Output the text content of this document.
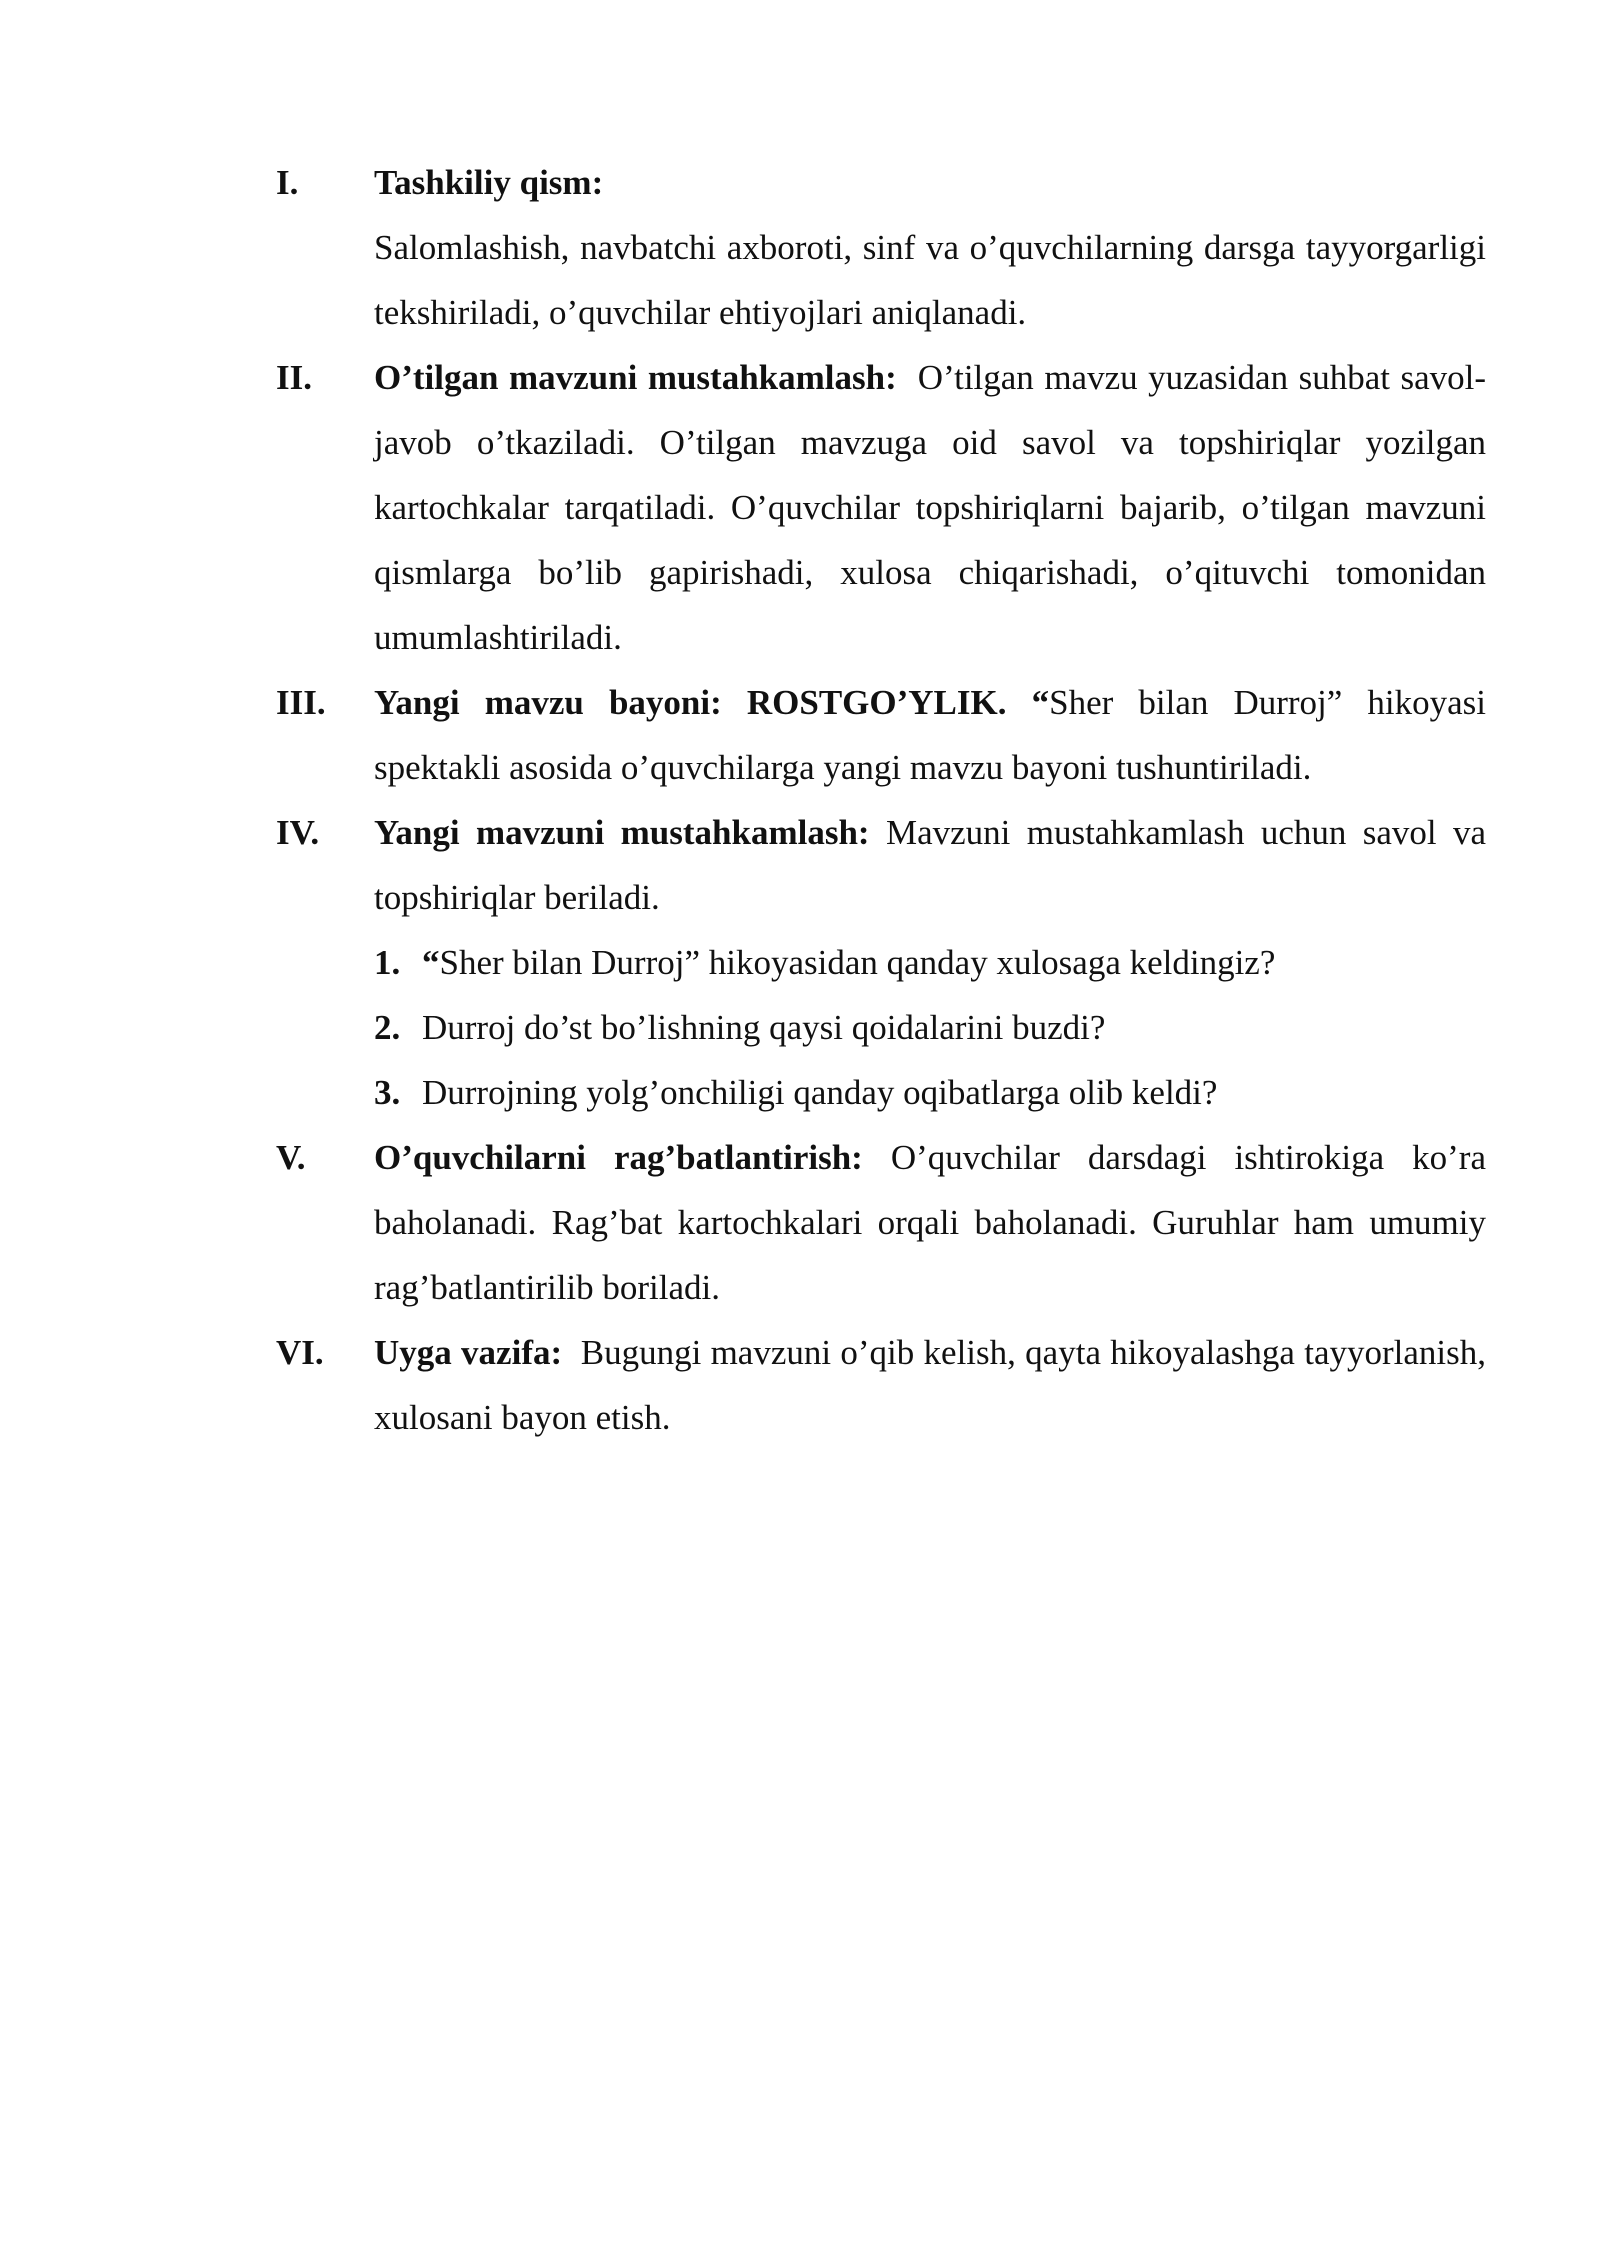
I. Tashkiliy qism:

Salomlashish, navbatchi axboroti, sinf va o’quvchilarning darsga tayyorgarligi tekshiriladi, o’quvchilar ehtiyojlari aniqlanadi.

II. O’tilgan mavzuni mustahkamlash: O’tilgan mavzu yuzasidan suhbat savol- javob o’tkaziladi. O’tilgan mavzuga oid savol va topshiriqlar yozilgan kartochkalar tarqatiladi. O’quvchilar topshiriqlarni bajarib, o’tilgan mavzuni qismlarga bo’lib gapirishadi, xulosa chiqarishadi, o’qituvchi tomonidan umumlashtiriladi.

III. Yangi mavzu bayoni: ROSTGO’YLIK. “Sher bilan Durroj” hikoyasi spektakli asosida o’quvchilarga yangi mavzu bayoni tushuntiriladi.

IV. Yangi mavzuni mustahkamlash: Mavzuni mustahkamlash uchun savol va topshiriqlar beriladi.

1. “Sher bilan Durroj” hikoyasidan qanday xulosaga keldingiz?
2. Durroj do’st bo’lishning qaysi qoidalarini buzdi?
3. Durrojning yolg’onchiligi qanday oqibatlarga olib keldi?
V. O’quvchilarni rag’batlantirish: O’quvchilar darsdagi ishtirokiga ko’ra baholanadi. Rag’bat kartochkalari orqali baholanadi. Guruhlar ham umumiy rag’batlantirilib boriladi.

VI. Uyga vazifa: Bugungi mavzuni o’qib kelish, qayta hikoyalashga tayyorlanish, xulosani bayon etish.
